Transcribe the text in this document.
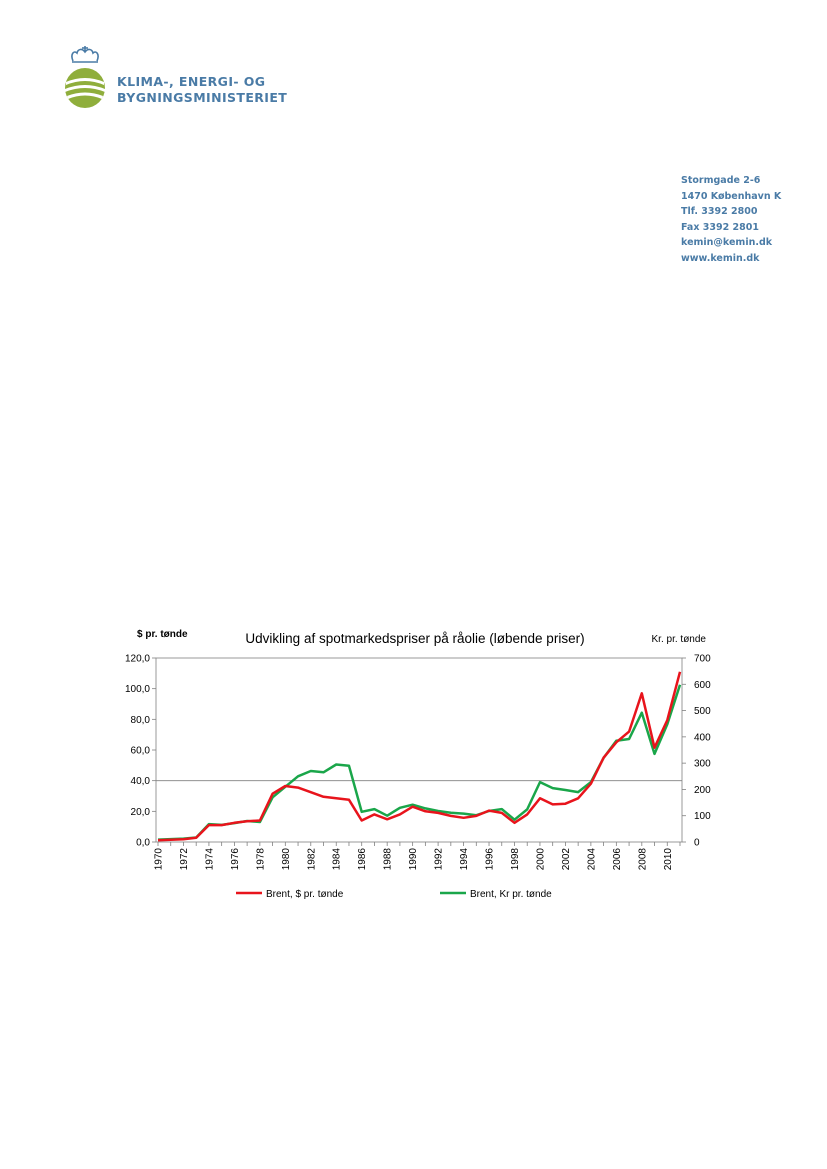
KLIMA-, ENERGI- OG
BYGNINGSMINISTERIET
Stormgade 2-6
1470 København K
Tlf. 3392 2800
Fax 3392 2801
kemin@kemin.dk
www.kemin.dk
Udvikling af spotmarkedspriser på råolie (løbende priser)
$ pr. tønde	Kr. pr. tønde
0,0
20,0
40,0
60,0
80,0
100,0
120,0
0
100
200
300
400
500
600
700
1970 1972 1974 1976 1978 1980 1982 1984 1986 1988 1990 1992 1994 1996 1998 2000 2002 2004 2006 2008 2010
Brent, $ pr. tønde	Brent, Kr pr. tønde
